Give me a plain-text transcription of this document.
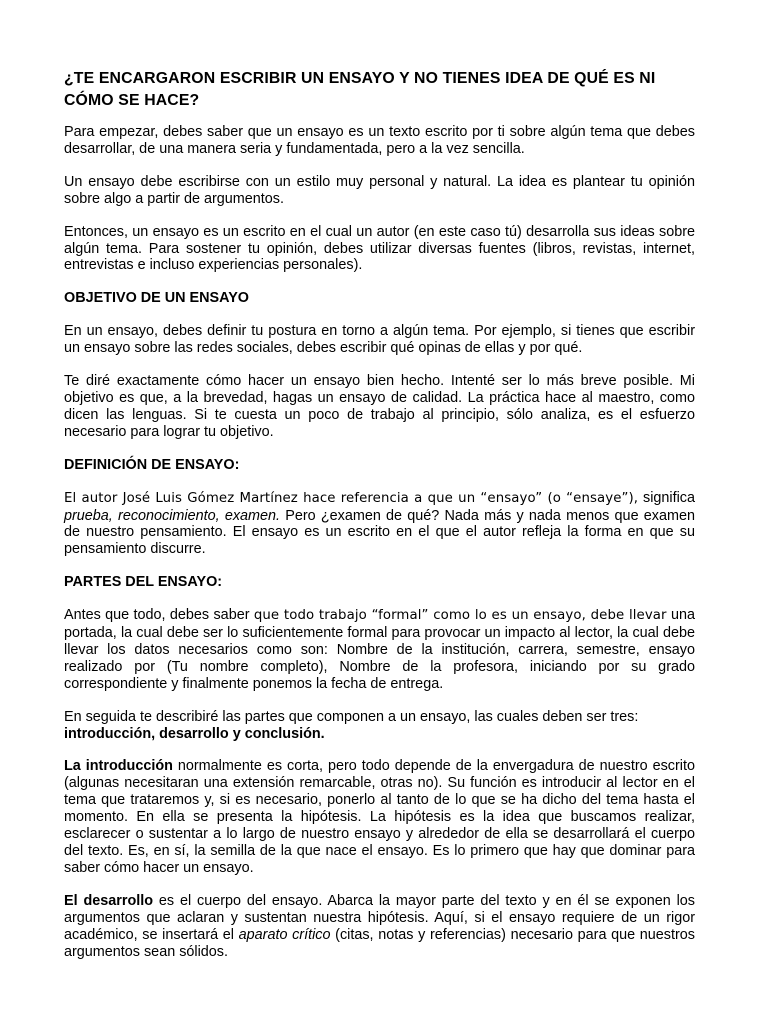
¿TE ENCARGARON ESCRIBIR UN ENSAYO Y NO TIENES IDEA DE QUÉ ES NI CÓMO SE HACE?

Para empezar, debes saber que un ensayo es un texto escrito por ti sobre algún tema que debes desarrollar, de una manera seria y fundamentada, pero a la vez sencilla.

Un ensayo debe escribirse con un estilo muy personal y natural. La idea es plantear tu opinión sobre algo a partir de argumentos.

Entonces, un ensayo es un escrito en el cual un autor (en este caso tú) desarrolla sus ideas sobre algún tema. Para sostener tu opinión, debes utilizar diversas fuentes (libros, revistas, internet, entrevistas e incluso experiencias personales).

OBJETIVO DE UN ENSAYO

En un ensayo, debes definir tu postura en torno a algún tema. Por ejemplo, si tienes que escribir un ensayo sobre las redes sociales, debes escribir qué opinas de ellas y por qué.

Te diré exactamente cómo hacer un ensayo bien hecho. Intenté ser lo más breve posible. Mi objetivo es que, a la brevedad, hagas un ensayo de calidad. La práctica hace al maestro, como dicen las lenguas. Si te cuesta un poco de trabajo al principio, sólo analiza, es el esfuerzo necesario para lograr tu objetivo.

DEFINICIÓN DE ENSAYO:

El autor José Luis Gómez Martínez hace referencia a que un “ensayo” (o “ensaye”), significa prueba, reconocimiento, examen. Pero ¿examen de qué? Nada más y nada menos que examen de nuestro pensamiento. El ensayo es un escrito en el que el autor refleja la forma en que su pensamiento discurre.

PARTES DEL ENSAYO:

Antes que todo, debes saber que todo trabajo “formal” como lo es un ensayo, debe llevar una portada, la cual debe ser lo suficientemente formal para provocar un impacto al lector, la cual debe llevar los datos necesarios como son: Nombre de la institución, carrera, semestre, ensayo realizado por (Tu nombre completo), Nombre de la profesora, iniciando por su grado correspondiente y finalmente ponemos la fecha de entrega.

En seguida te describiré las partes que componen a un ensayo, las cuales deben ser tres:
introducción, desarrollo y conclusión.

La introducción normalmente es corta, pero todo depende de la envergadura de nuestro escrito (algunas necesitaran una extensión remarcable, otras no). Su función es introducir al lector en el tema que trataremos y, si es necesario, ponerlo al tanto de lo que se ha dicho del tema hasta el momento. En ella se presenta la hipótesis. La hipótesis es la idea que buscamos realizar, esclarecer o sustentar a lo largo de nuestro ensayo y alrededor de ella se desarrollará el cuerpo del texto. Es, en sí, la semilla de la que nace el ensayo. Es lo primero que hay que dominar para saber cómo hacer un ensayo.

El desarrollo es el cuerpo del ensayo. Abarca la mayor parte del texto y en él se exponen los argumentos que aclaran y sustentan nuestra hipótesis. Aquí, si el ensayo requiere de un rigor académico, se insertará el aparato crítico (citas, notas y referencias) necesario para que nuestros argumentos sean sólidos.
